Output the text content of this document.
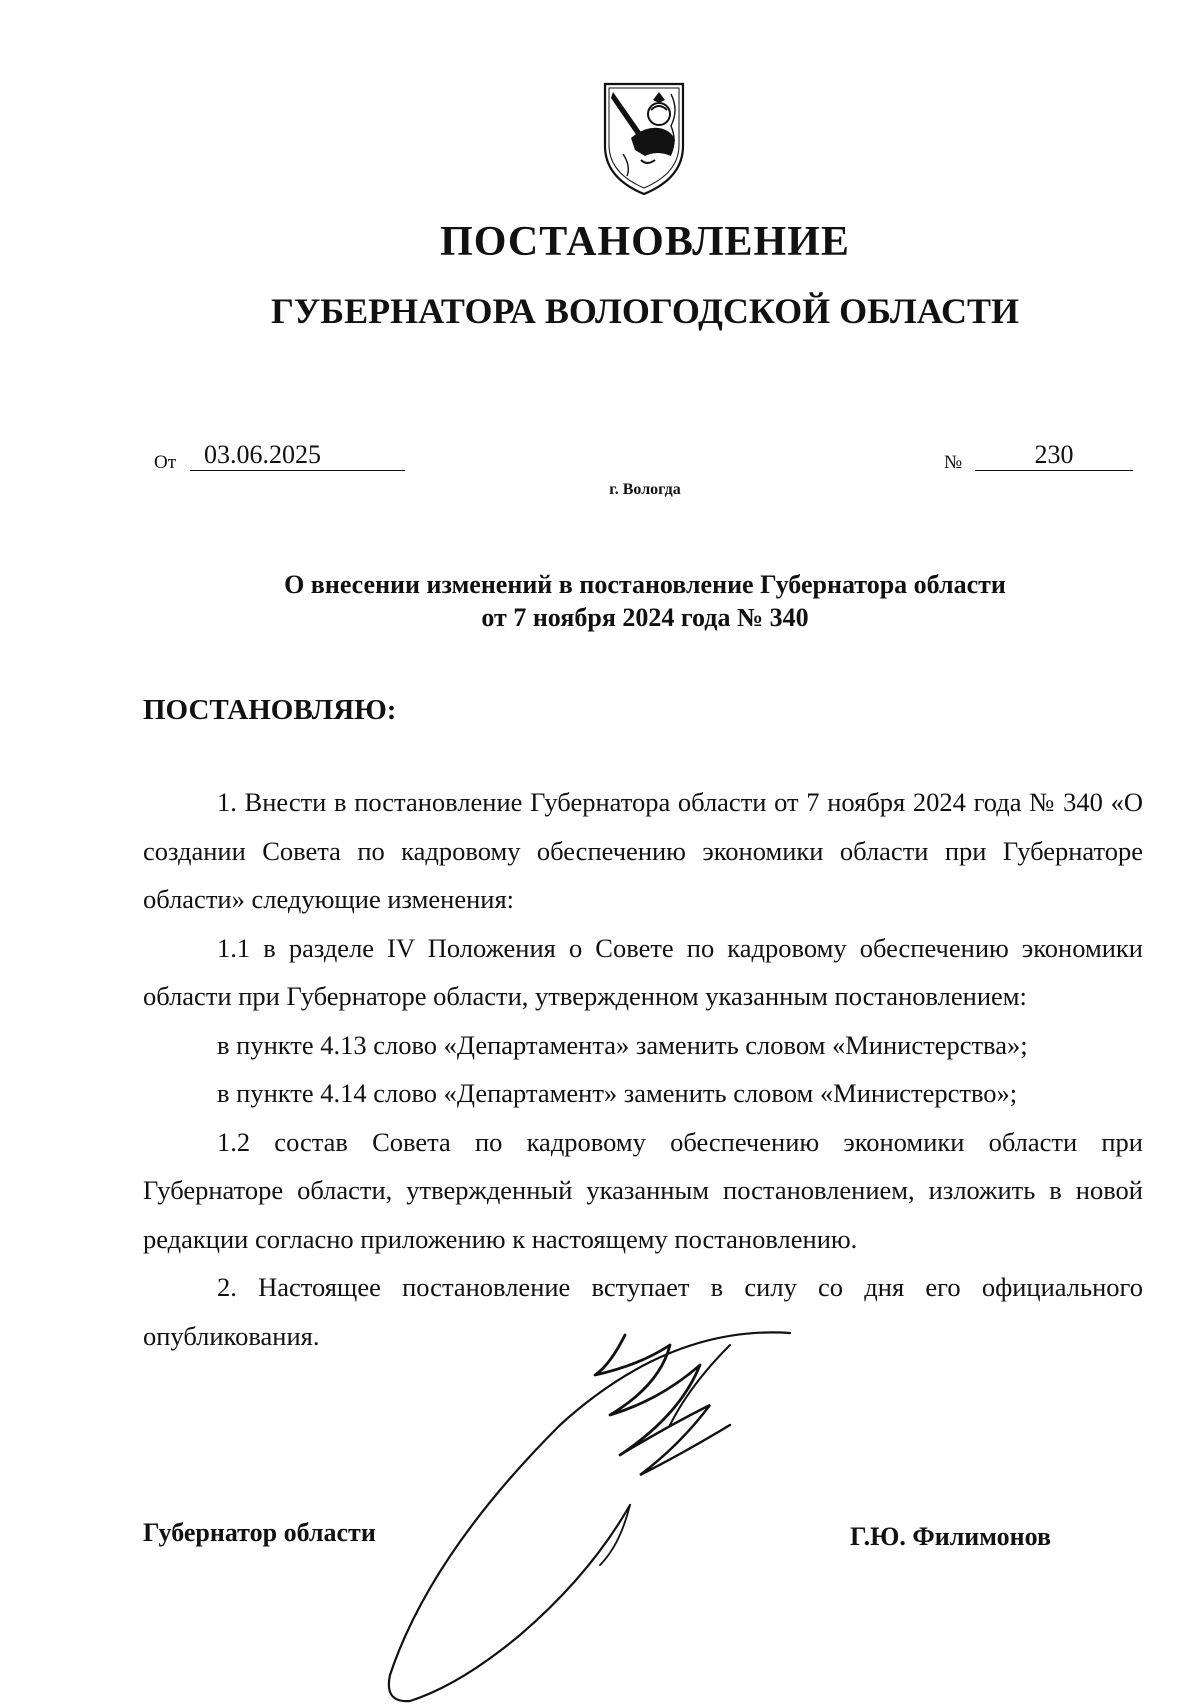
ПОСТАНОВЛЕНИЕ
ГУБЕРНАТОРА ВОЛОГОДСКОЙ ОБЛАСТИ
От	03.06.2025	№	230
г. Вологда
О внесении изменений в постановление Губернатора области
от 7 ноября 2024 года № 340
ПОСТАНОВЛЯЮ:

1. Внести в постановление Губернатора области от 7 ноября 2024 года № 340 «О создании Совета по кадровому обеспечению экономики области при Губернаторе области» следующие изменения:

1.1 в разделе IV Положения о Совете по кадровому обеспечению экономики области при Губернаторе области, утвержденном указанным постановлением:

в пункте 4.13 слово «Департамента» заменить словом «Министерства»;

в пункте 4.14 слово «Департамент» заменить словом «Министерство»;

1.2 состав Совета по кадровому обеспечению экономики области при Губернаторе области, утвержденный указанным постановлением, изложить в новой редакции согласно приложению к настоящему постановлению.

2. Настоящее постановление вступает в силу со дня его официального опубликования.

Губернатор области	Г.Ю. Филимонов
